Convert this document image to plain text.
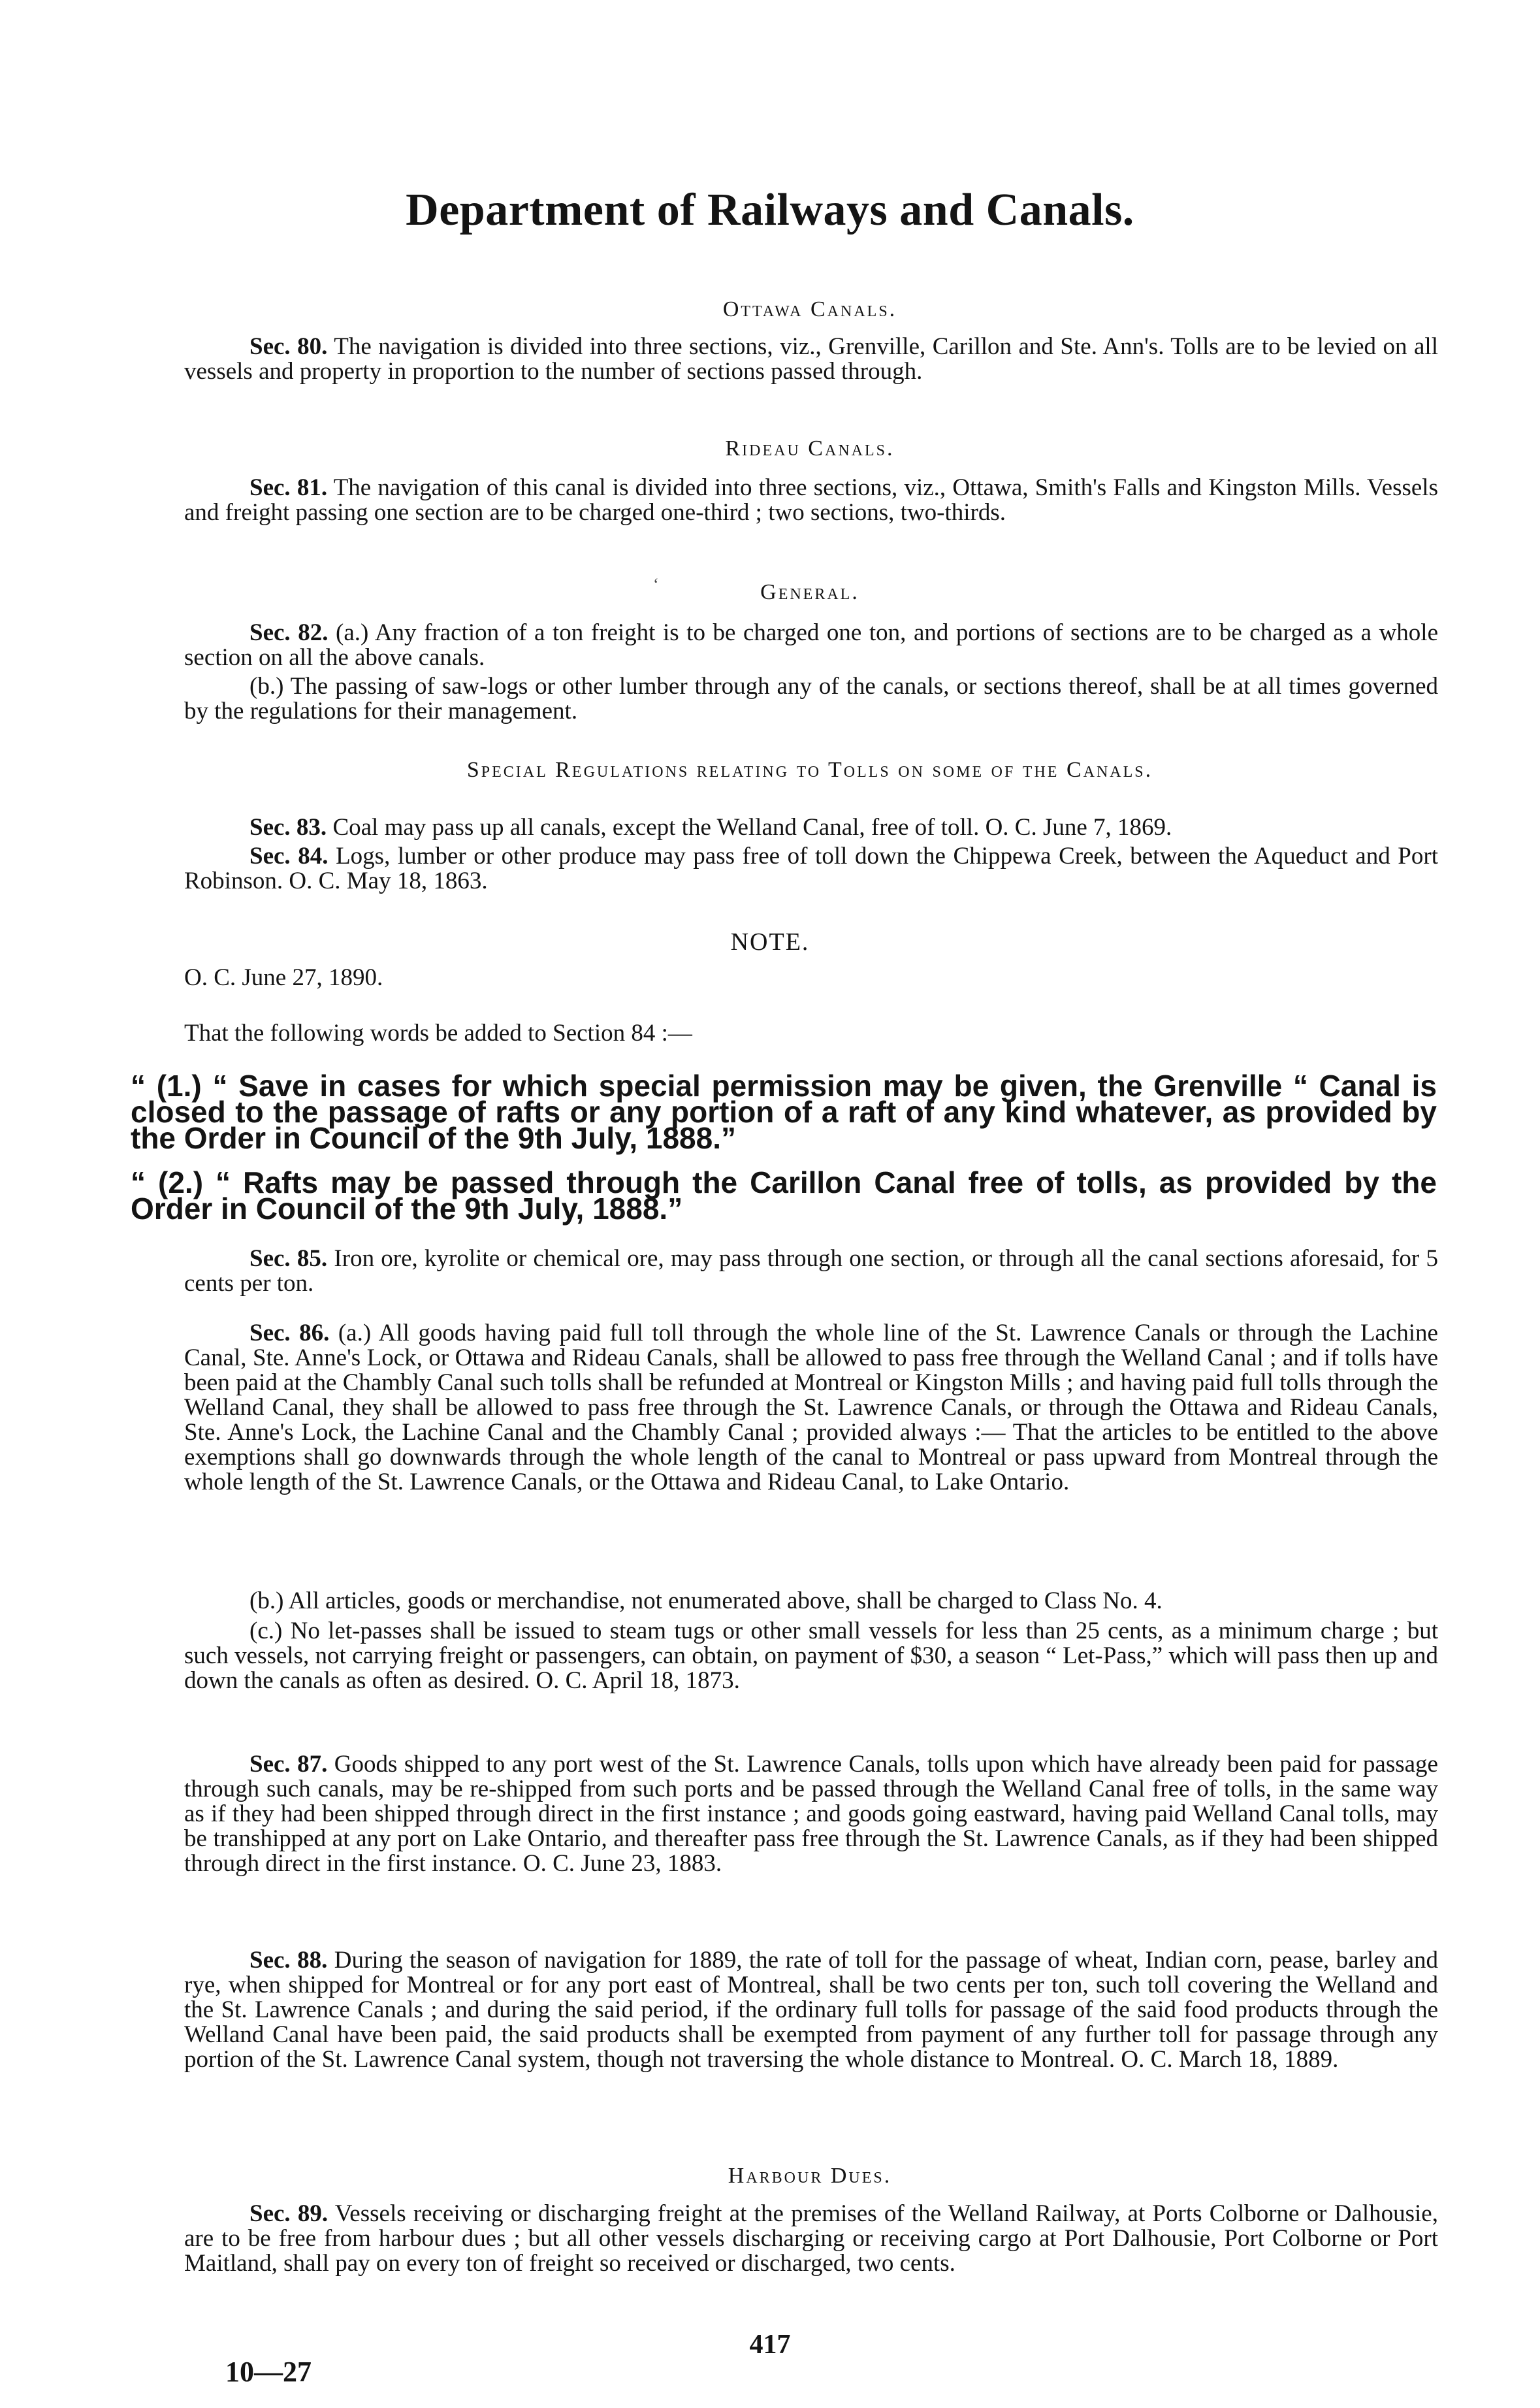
Department of Railways and Canals.
Ottawa Canals.
Sec. 80. The navigation is divided into three sections, viz., Grenville, Carillon and Ste. Ann's. Tolls are to be levied on all vessels and property in proportion to the number of sections passed through.
Rideau Canals.
Sec. 81. The navigation of this canal is divided into three sections, viz., Ottawa, Smith's Falls and Kingston Mills. Vessels and freight passing one section are to be charged one-third ; two sections, two-thirds.
‘	General.
Sec. 82. (a.) Any fraction of a ton freight is to be charged one ton, and portions of sections are to be charged as a whole section on all the above canals.
(b.) The passing of saw-logs or other lumber through any of the canals, or sections thereof, shall be at all times governed by the regulations for their management.
Special Regulations relating to Tolls on some of the Canals.
Sec. 83. Coal may pass up all canals, except the Welland Canal, free of toll. O. C. June 7, 1869.
Sec. 84. Logs, lumber or other produce may pass free of toll down the Chippewa Creek, between the Aqueduct and Port Robinson. O. C. May 18, 1863.
NOTE.
O. C. June 27, 1890.
That the following words be added to Section 84 :—
“ (1.) “ Save in cases for which special permission may be given, the Grenville “ Canal is closed to the passage of rafts or any portion of a raft of any kind whatever, as provided by the Order in Council of the 9th July, 1888.”
“ (2.) “ Rafts may be passed through the Carillon Canal free of tolls, as provided by the Order in Council of the 9th July, 1888.”
Sec. 85. Iron ore, kyrolite or chemical ore, may pass through one section, or through all the canal sections aforesaid, for 5 cents per ton.
Sec. 86. (a.) All goods having paid full toll through the whole line of the St. Lawrence Canals or through the Lachine Canal, Ste. Anne's Lock, or Ottawa and Rideau Canals, shall be allowed to pass free through the Welland Canal ; and if tolls have been paid at the Chambly Canal such tolls shall be refunded at Montreal or Kingston Mills ; and having paid full tolls through the Welland Canal, they shall be allowed to pass free through the St. Lawrence Canals, or through the Ottawa and Rideau Canals, Ste. Anne's Lock, the Lachine Canal and the Chambly Canal ; provided always :— That the articles to be entitled to the above exemptions shall go downwards through the whole length of the canal to Montreal or pass upward from Montreal through the whole length of the St. Lawrence Canals, or the Ottawa and Rideau Canal, to Lake Ontario.
(b.) All articles, goods or merchandise, not enumerated above, shall be charged to Class No. 4.
(c.) No let-passes shall be issued to steam tugs or other small vessels for less than 25 cents, as a minimum charge ; but such vessels, not carrying freight or passengers, can obtain, on payment of $30, a season “ Let-Pass,” which will pass then up and down the canals as often as desired. O. C. April 18, 1873.
Sec. 87. Goods shipped to any port west of the St. Lawrence Canals, tolls upon which have already been paid for passage through such canals, may be re-shipped from such ports and be passed through the Welland Canal free of tolls, in the same way as if they had been shipped through direct in the first instance ; and goods going eastward, having paid Welland Canal tolls, may be transhipped at any port on Lake Ontario, and thereafter pass free through the St. Lawrence Canals, as if they had been shipped through direct in the first instance. O. C. June 23, 1883.
Sec. 88. During the season of navigation for 1889, the rate of toll for the passage of wheat, Indian corn, pease, barley and rye, when shipped for Montreal or for any port east of Montreal, shall be two cents per ton, such toll covering the Welland and the St. Lawrence Canals ; and during the said period, if the ordinary full tolls for passage of the said food products through the Welland Canal have been paid, the said products shall be exempted from payment of any further toll for passage through any portion of the St. Lawrence Canal system, though not traversing the whole distance to Montreal. O. C. March 18, 1889.
Harbour Dues.
Sec. 89. Vessels receiving or discharging freight at the premises of the Welland Railway, at Ports Colborne or Dalhousie, are to be free from harbour dues ; but all other vessels discharging or receiving cargo at Port Dalhousie, Port Colborne or Port Maitland, shall pay on every ton of freight so received or discharged, two cents.
417
10—27
